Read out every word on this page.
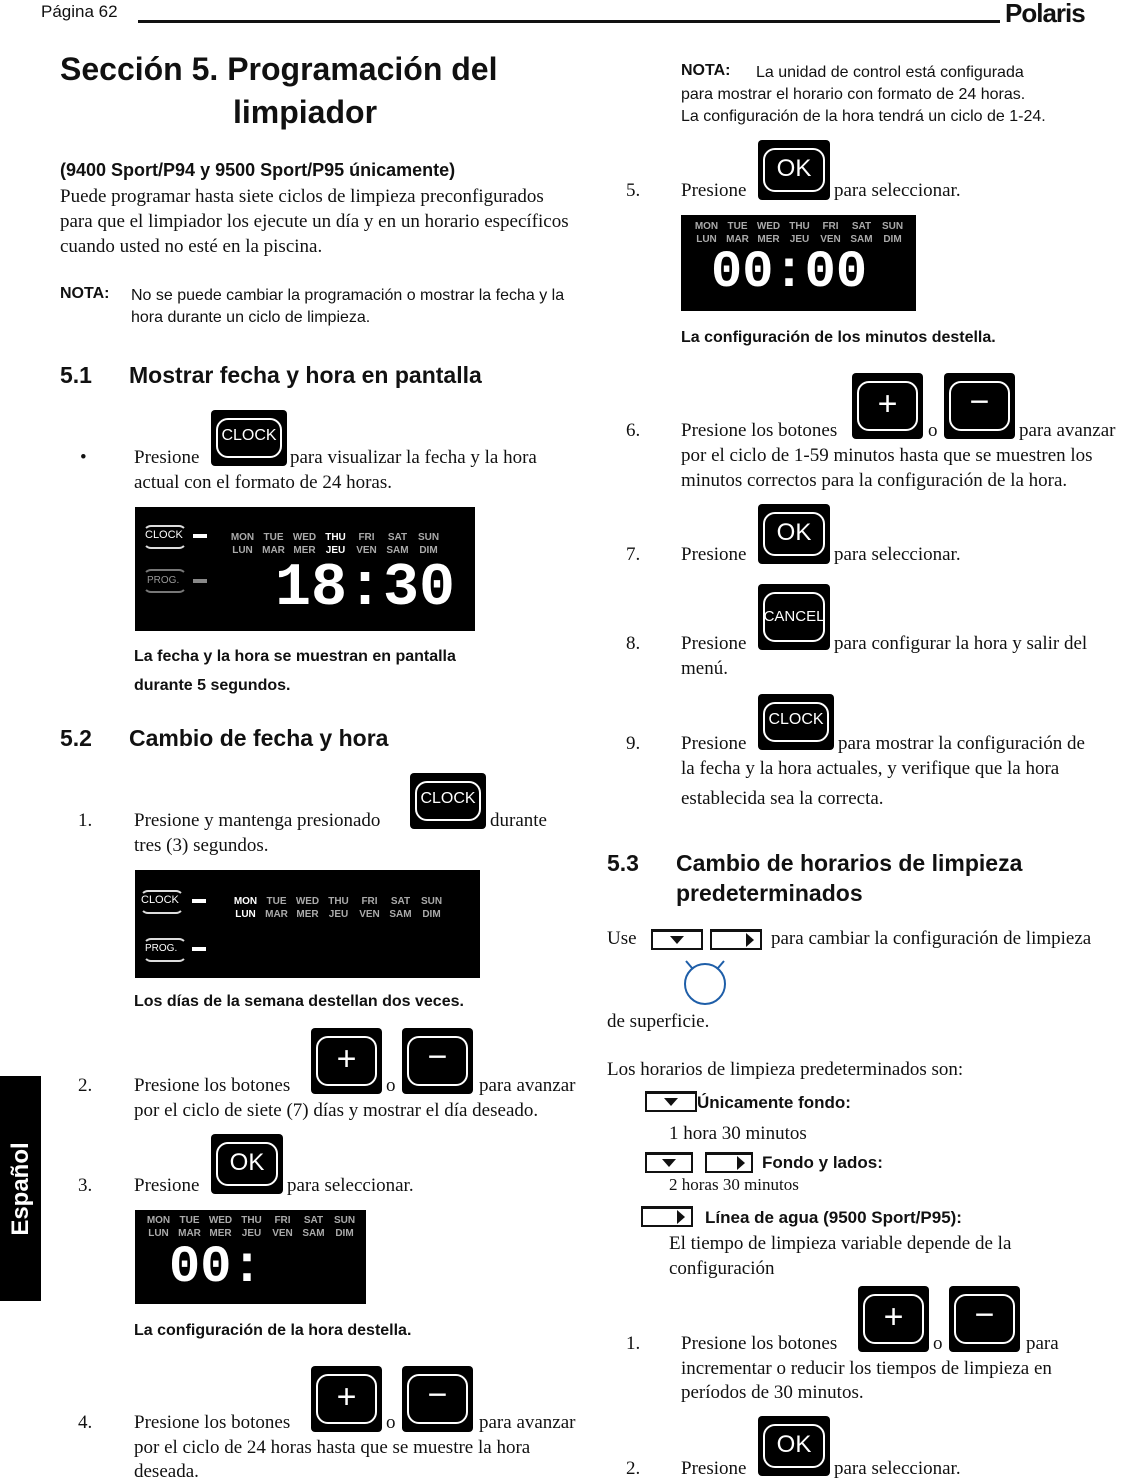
Página 62	Polaris
Español
Sección 5. Programación del
limpiador
(9400 Sport/P94 y 9500 Sport/P95 únicamente)
Puede programar hasta siete ciclos de limpieza preconfigurados para que el limpiador los ejecute un día y en un horario específicos cuando usted no esté en la piscina.
NOTA: No se puede cambiar la programación o mostrar la fecha y la hora durante un ciclo de limpieza.
5.1 Mostrar fecha y hora en pantalla
• Presione
CLOCK
para visualizar la fecha y la hora
actual con el formato de 24 horas.
CLOCK
PROG.
MON TUE WED THU FRI SAT SUN
LUN MAR MER JEU VEN SAM DIM
18:30
La fecha y la hora se muestran en pantalla
durante 5 segundos.
5.2 Cambio de fecha y hora
1. Presione y mantenga presionado
CLOCK
durante
tres (3) segundos.
CLOCK
PROG.
MON TUE WED THU FRI SAT SUN
LUN MAR MER JEU VEN SAM DIM
Los días de la semana destellan dos veces.
2. Presione los botones
+
o
−
para avanzar
por el ciclo de siete (7) días y mostrar el día deseado.
3. Presione
OK
para seleccionar.
MON TUE WED THU FRI SAT SUN
LUN MAR MER JEU VEN SAM DIM
00:
La configuración de la hora destella.
4. Presione los botones
+
o
−
para avanzar
por el ciclo de 24 horas hasta que se muestre la hora
deseada.
NOTA: La unidad de control está configurada
para mostrar el horario con formato de 24 horas.
La configuración de la hora tendrá un ciclo de 1-24.
5. Presione
OK
para seleccionar.
MON TUE WED THU FRI SAT SUN
LUN MAR MER JEU VEN SAM DIM
00:00
La configuración de los minutos destella.
6. Presione los botones
+
o
−
para avanzar
por el ciclo de 1-59 minutos hasta que se muestren los
minutos correctos para la configuración de la hora.
7. Presione
OK
para seleccionar.
8. Presione
CANCEL
para configurar la hora y salir del
menú.
9. Presione
CLOCK
para mostrar la configuración de
la fecha y la hora actuales, y verifique que la hora
establecida sea la correcta.
5.3 Cambio de horarios de limpieza
predeterminados
Use	para cambiar la configuración de limpieza
de superficie.
Los horarios de limpieza predeterminados son:
Únicamente fondo:
1 hora 30 minutos
Fondo y lados:
2 horas 30 minutos
Línea de agua (9500 Sport/P95):
El tiempo de limpieza variable depende de la
configuración
1. Presione los botones
+
o
−
para
incrementar o reducir los tiempos de limpieza en
períodos de 30 minutos.
2. Presione
OK
para seleccionar.
